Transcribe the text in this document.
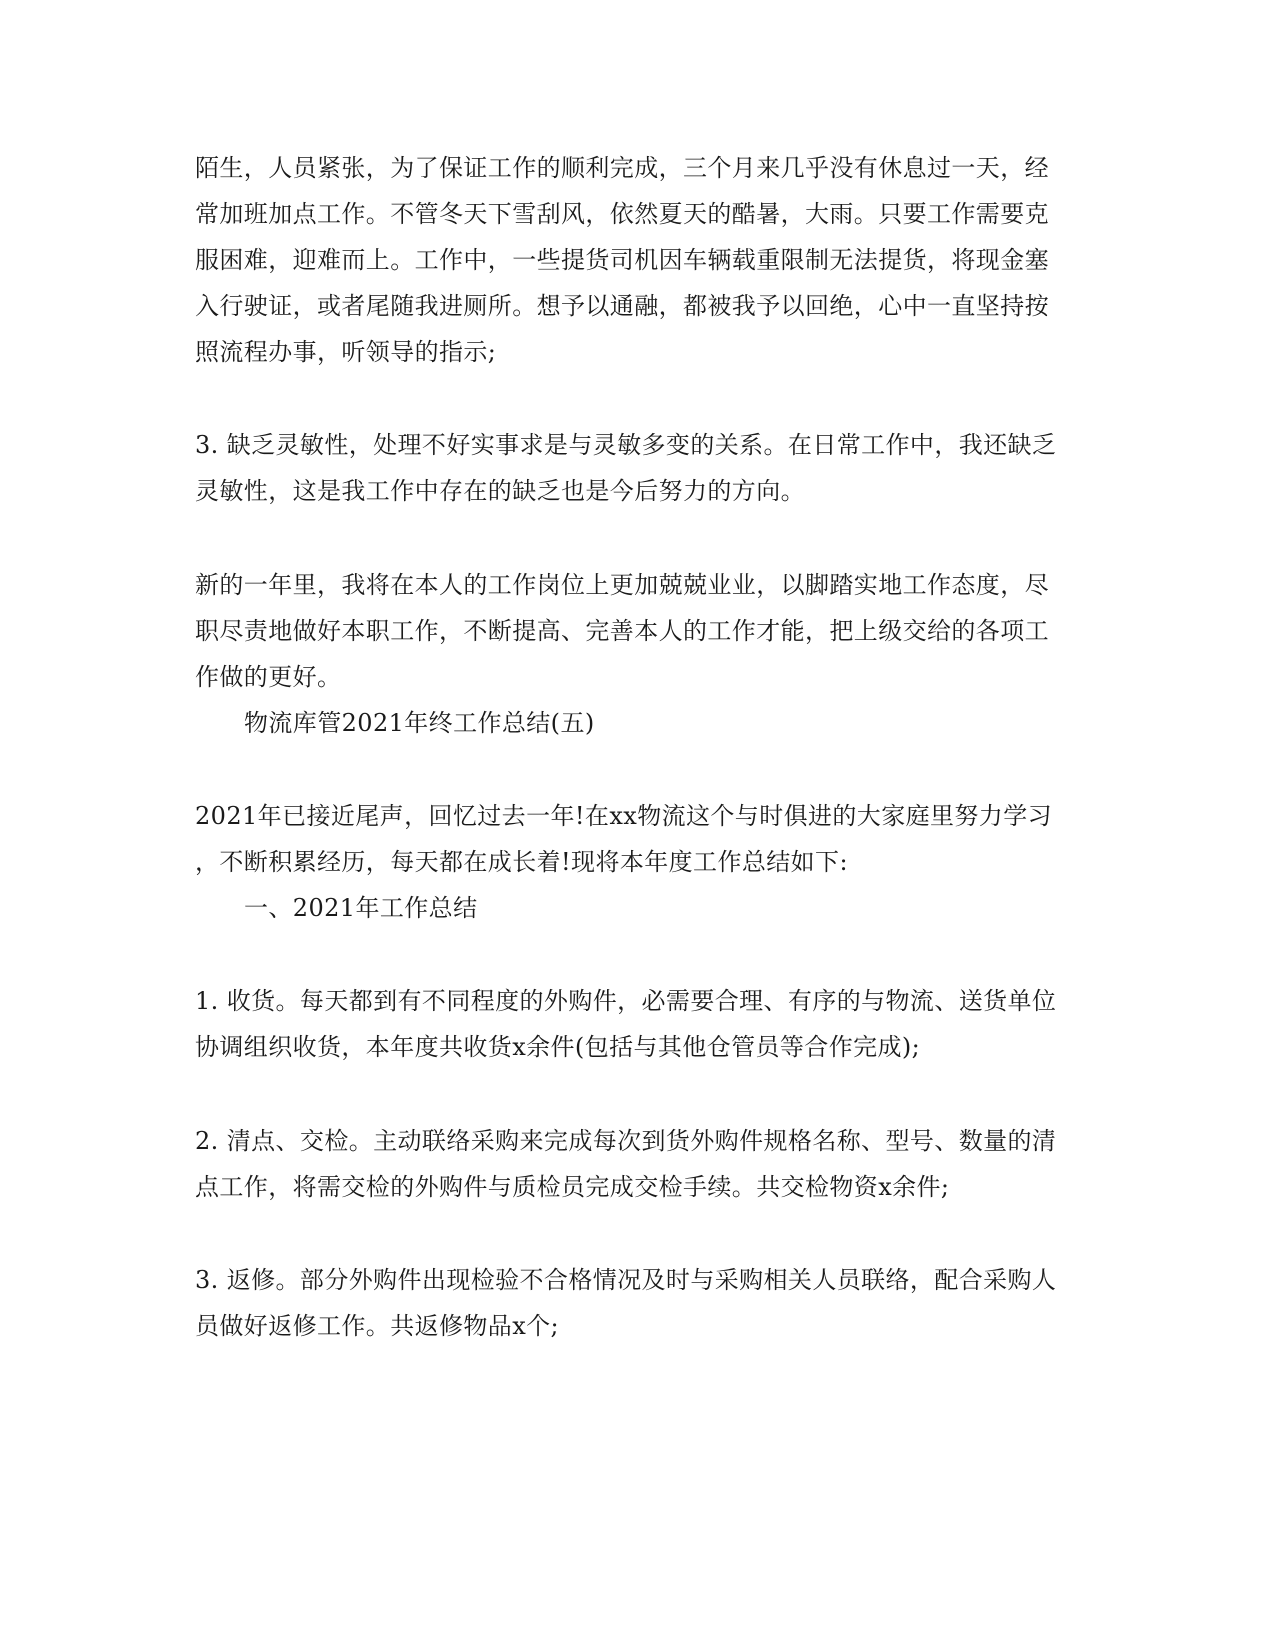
陌生，人员紧张，为了保证工作的顺利完成，三个月来几乎没有休息过一天，经
常加班加点工作。不管冬天下雪刮风，依然夏天的酷暑，大雨。只要工作需要克
服困难，迎难而上。工作中，一些提货司机因车辆载重限制无法提货，将现金塞
入行驶证，或者尾随我进厕所。想予以通融，都被我予以回绝，心中一直坚持按
照流程办事，听领导的指示;
3. 缺乏灵敏性，处理不好实事求是与灵敏多变的关系。在日常工作中，我还缺乏
灵敏性，这是我工作中存在的缺乏也是今后努力的方向。
新的一年里，我将在本人的工作岗位上更加兢兢业业，以脚踏实地工作态度，尽
职尽责地做好本职工作，不断提高、完善本人的工作才能，把上级交给的各项工
作做的更好。
物流库管2021年终工作总结(五)
2021年已接近尾声，回忆过去一年!在xx物流这个与时俱进的大家庭里努力学习
，不断积累经历，每天都在成长着!现将本年度工作总结如下:
一、2021年工作总结
1. 收货。每天都到有不同程度的外购件，必需要合理、有序的与物流、送货单位
协调组织收货，本年度共收货x余件(包括与其他仓管员等合作完成);
2. 清点、交检。主动联络采购来完成每次到货外购件规格名称、型号、数量的清
点工作，将需交检的外购件与质检员完成交检手续。共交检物资x余件;
3. 返修。部分外购件出现检验不合格情况及时与采购相关人员联络，配合采购人
员做好返修工作。共返修物品x个;
